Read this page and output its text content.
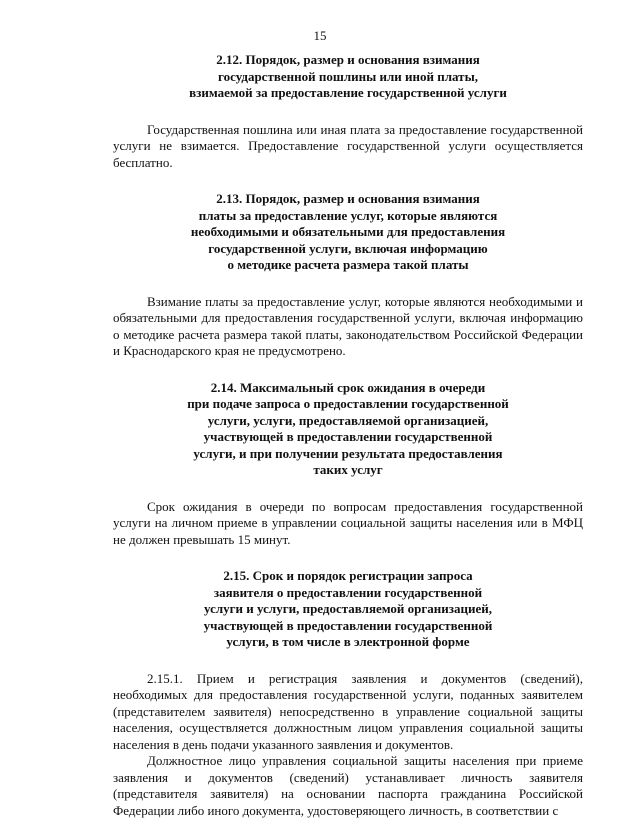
15
2.12. Порядок, размер и основания взимания
государственной пошлины или иной платы,
взимаемой за предоставление государственной услуги

Государственная пошлина или иная плата за предоставление государственной услуги не взимается. Предоставление государственной услуги осуществляется бесплатно.

2.13. Порядок, размер и основания взимания
платы за предоставление услуг, которые являются
необходимыми и обязательными для предоставления
государственной услуги, включая информацию
о методике расчета размера такой платы

Взимание платы за предоставление услуг, которые являются необходимыми и обязательными для предоставления государственной услуги, включая информацию о методике расчета размера такой платы, законодательством Российской Федерации и Краснодарского края не предусмотрено.

2.14. Максимальный срок ожидания в очереди
при подаче запроса о предоставлении государственной
услуги, услуги, предоставляемой организацией,
участвующей в предоставлении государственной
услуги, и при получении результата предоставления
таких услуг

Срок ожидания в очереди по вопросам предоставления государственной услуги на личном приеме в управлении социальной защиты населения или в МФЦ не должен превышать 15 минут.

2.15. Срок и порядок регистрации запроса
заявителя о предоставлении государственной
услуги и услуги, предоставляемой организацией,
участвующей в предоставлении государственной
услуги, в том числе в электронной форме

2.15.1. Прием и регистрация заявления и документов (сведений), необходимых для предоставления государственной услуги, поданных заявителем (представителем заявителя) непосредственно в управление социальной защиты населения, осуществляется должностным лицом управления социальной защиты населения в день подачи указанного заявления и документов.

Должностное лицо управления социальной защиты населения при приеме заявления и документов (сведений) устанавливает личность заявителя (представителя заявителя) на основании паспорта гражданина Российской Федерации либо иного документа, удостоверяющего личность, в соответствии с
